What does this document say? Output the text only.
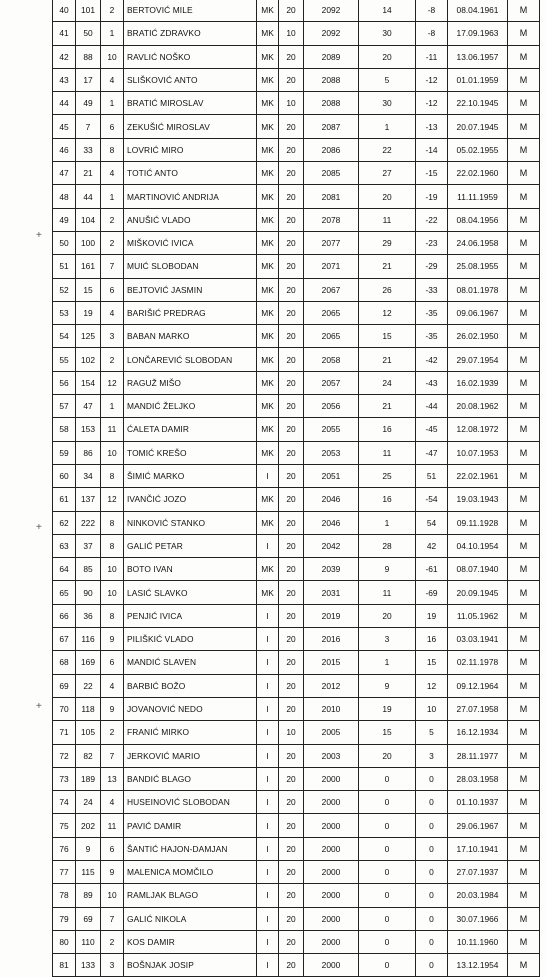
+
+
+
40	101	2	BERTOVIĆ MILE	MK	20	2092	14	-8	08.04.1961	M
41	50	1	BRATIĆ ZDRAVKO	MK	10	2092	30	-8	17.09.1963	M
42	88	10	RAVLIĆ NOŠKO	MK	20	2089	20	-11	13.06.1957	M
43	17	4	SLIŠKOVIĆ ANTO	MK	20	2088	5	-12	01.01.1959	M
44	49	1	BRATIĆ MIROSLAV	MK	10	2088	30	-12	22.10.1945	M
45	7	6	ZEKUŠIĆ MIROSLAV	MK	20	2087	1	-13	20.07.1945	M
46	33	8	LOVRIĆ MIRO	MK	20	2086	22	-14	05.02.1955	M
47	21	4	TOTIĆ ANTO	MK	20	2085	27	-15	22.02.1960	M
48	44	1	MARTINOVIĆ ANDRIJA	MK	20	2081	20	-19	11.11.1959	M
49	104	2	ANUŠIĆ VLADO	MK	20	2078	11	-22	08.04.1956	M
50	100	2	MIŠKOVIĆ IVICA	MK	20	2077	29	-23	24.06.1958	M
51	161	7	MUIĆ SLOBODAN	MK	20	2071	21	-29	25.08.1955	M
52	15	6	BEJTOVIĆ JASMIN	MK	20	2067	26	-33	08.01.1978	M
53	19	4	BARIŠIĆ PREDRAG	MK	20	2065	12	-35	09.06.1967	M
54	125	3	BABAN MARKO	MK	20	2065	15	-35	26.02.1950	M
55	102	2	LONČAREVIĆ SLOBODAN	MK	20	2058	21	-42	29.07.1954	M
56	154	12	RAGUŽ MIŠO	MK	20	2057	24	-43	16.02.1939	M
57	47	1	MANDIĆ ŽELJKO	MK	20	2056	21	-44	20.08.1962	M
58	153	11	ĆALETA DAMIR	MK	20	2055	16	-45	12.08.1972	M
59	86	10	TOMIĆ KREŠO	MK	20	2053	11	-47	10.07.1953	M
60	34	8	ŠIMIĆ MARKO	I	20	2051	25	51	22.02.1961	M
61	137	12	IVANČIĆ JOZO	MK	20	2046	16	-54	19.03.1943	M
62	222	8	NINKOVIĆ STANKO	MK	20	2046	1	54	09.11.1928	M
63	37	8	GALIĆ PETAR	I	20	2042	28	42	04.10.1954	M
64	85	10	BOTO IVAN	MK	20	2039	9	-61	08.07.1940	M
65	90	10	LASIĆ SLAVKO	MK	20	2031	11	-69	20.09.1945	M
66	36	8	PENJIĆ IVICA	I	20	2019	20	19	11.05.1962	M
67	116	9	PILIŠKIĆ VLADO	I	20	2016	3	16	03.03.1941	M
68	169	6	MANDIĆ SLAVEN	I	20	2015	1	15	02.11.1978	M
69	22	4	BARBIĆ BOŽO	I	20	2012	9	12	09.12.1964	M
70	118	9	JOVANOVIĆ NEDO	I	20	2010	19	10	27.07.1958	M
71	105	2	FRANIĆ MIRKO	I	10	2005	15	5	16.12.1934	M
72	82	7	JERKOVIĆ MARIO	I	20	2003	20	3	28.11.1977	M
73	189	13	BANDIĆ BLAGO	I	20	2000	0	0	28.03.1958	M
74	24	4	HUSEINOVIĆ SLOBODAN	I	20	2000	0	0	01.10.1937	M
75	202	11	PAVIĆ DAMIR	I	20	2000	0	0	29.06.1967	M
76	9	6	ŠANTIĆ HAJON-DAMJAN	I	20	2000	0	0	17.10.1941	M
77	115	9	MALENICA MOMČILO	I	20	2000	0	0	27.07.1937	M
78	89	10	RAMLJAK BLAGO	I	20	2000	0	0	20.03.1984	M
79	69	7	GALIĆ NIKOLA	I	20	2000	0	0	30.07.1966	M
80	110	2	KOS DAMIR	I	20	2000	0	0	10.11.1960	M
81	133	3	BOŠNJAK JOSIP	I	20	2000	0	0	13.12.1954	M
